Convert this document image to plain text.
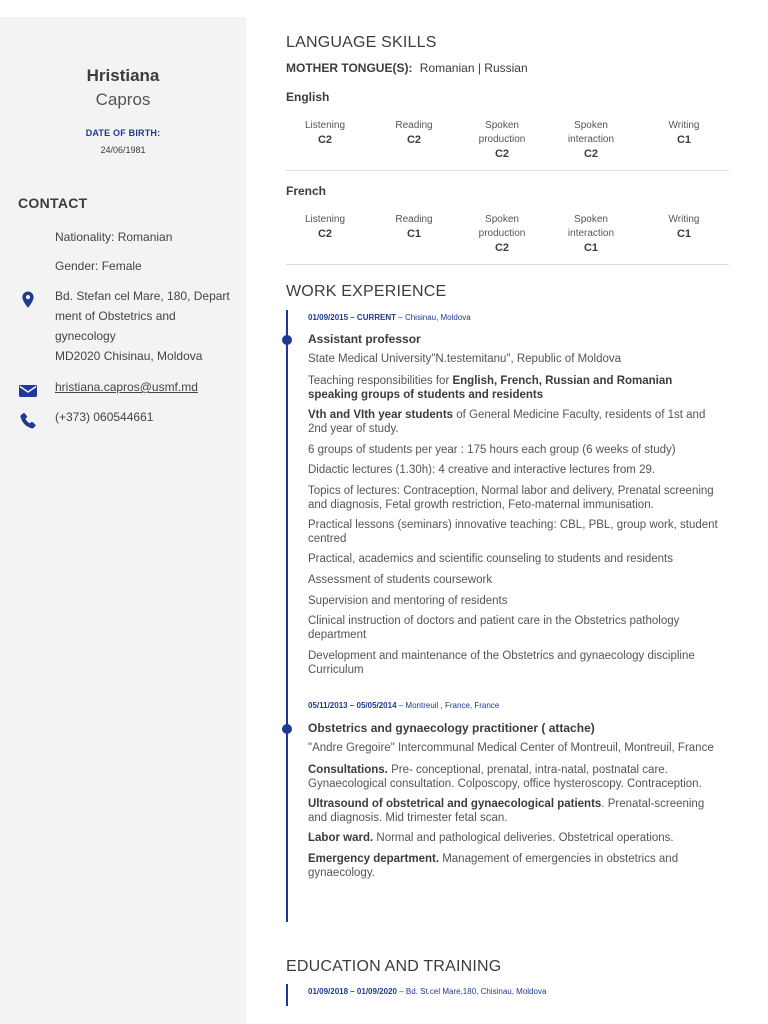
Hristiana
Capros
DATE OF BIRTH:
24/06/1981
CONTACT
Nationality: Romanian
Gender: Female
Bd. Stefan cel Mare, 180, Depart
ment of Obstetrics and
gynecology
MD2020 Chisinau, Moldova
hristiana.capros@usmf.md
(+373) 060544661
LANGUAGE SKILLS
MOTHER TONGUE(S): Romanian | Russian
English
Listening
C2
Reading
C2
Spoken production
C2
Spoken interaction
C2
Writing
C1
French
Listening
C2
Reading
C1
Spoken production
C2
Spoken interaction
C1
Writing
C1
WORK EXPERIENCE
01/09/2015 – CURRENT – Chisinau, Moldova
Assistant professor
State Medical University"N.testemitanu", Republic of Moldova
Teaching responsibilities for English, French, Russian and Romanian speaking groups of students and residents
Vth and VIth year students of General Medicine Faculty, residents of 1st and 2nd year of study.
6 groups of students per year : 175 hours each group (6 weeks of study)
Didactic lectures (1.30h): 4 creative and interactive lectures from 29.
Topics of lectures: Contraception, Normal labor and delivery, Prenatal screening and diagnosis, Fetal growth restriction, Feto-maternal immunisation.
Practical lessons (seminars) innovative teaching: CBL, PBL, group work, student centred
Practical, academics and scientific counseling to students and residents
Assessment of students coursework
Supervision and mentoring of residents
Clinical instruction of doctors and patient care in the Obstetrics pathology department
Development and maintenance of the Obstetrics and gynaecology discipline Curriculum
05/11/2013 – 05/05/2014 – Montreuil , France, France
Obstetrics and gynaecology practitioner ( attache)
"Andre Gregoire" Intercommunal Medical Center of Montreuil, Montreuil, France
Consultations. Pre- conceptional, prenatal, intra-natal, postnatal care. Gynaecological consultation. Colposcopy, office hysteroscopy. Contraception.
Ultrasound of obstetrical and gynaecological patients. Prenatal-screening and diagnosis. Mid trimester fetal scan.
Labor ward. Normal and pathological deliveries. Obstetrical operations.
Emergency department. Management of emergencies in obstetrics and gynaecology.
EDUCATION AND TRAINING
01/09/2018 – 01/09/2020 – Bd. St.cel Mare,180, Chisinau, Moldova
